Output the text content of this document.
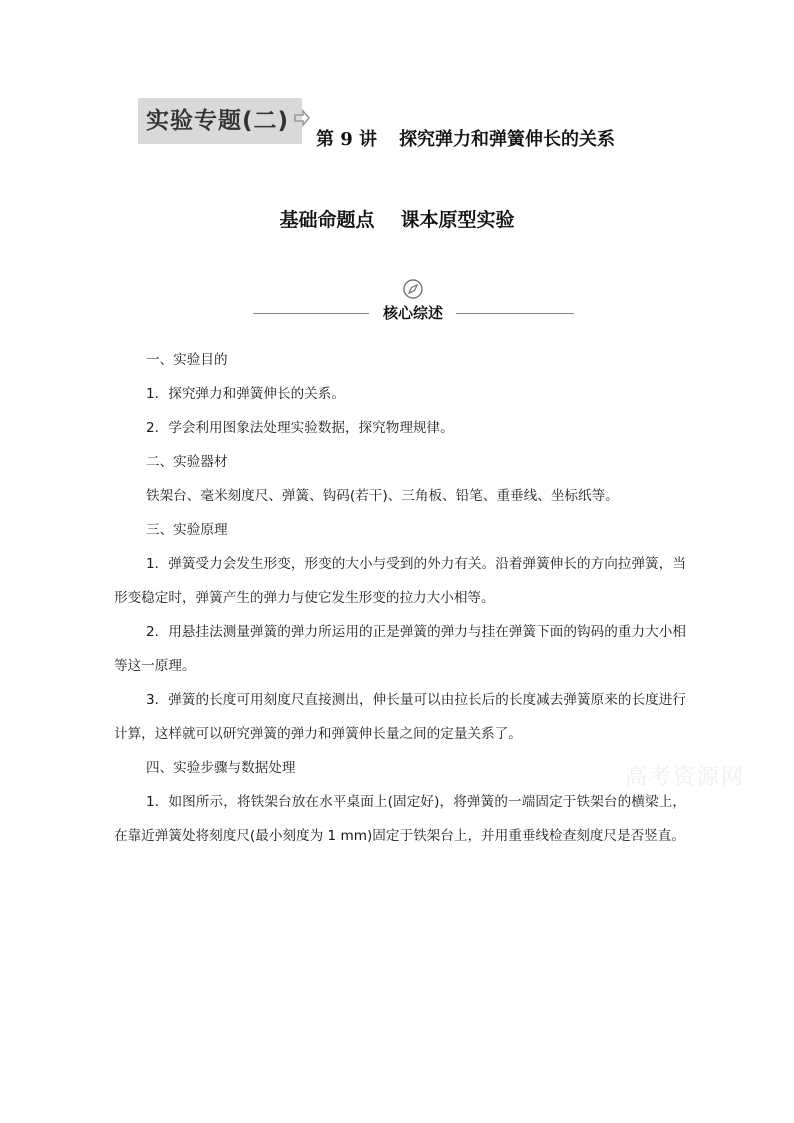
实验专题(二)
第 9 讲 探究弹力和弹簧伸长的关系
基础命题点 课本原型实验
核心综述

一、实验目的

1．探究弹力和弹簧伸长的关系。

2．学会利用图象法处理实验数据，探究物理规律。

二、实验器材

铁架台、毫米刻度尺、弹簧、钩码(若干)、三角板、铅笔、重垂线、坐标纸等。

三、实验原理

1．弹簧受力会发生形变，形变的大小与受到的外力有关。沿着弹簧伸长的方向拉弹簧，当形变稳定时，弹簧产生的弹力与使它发生形变的拉力大小相等。

2．用悬挂法测量弹簧的弹力所运用的正是弹簧的弹力与挂在弹簧下面的钩码的重力大小相等这一原理。

3．弹簧的长度可用刻度尺直接测出，伸长量可以由拉长后的长度减去弹簧原来的长度进行计算，这样就可以研究弹簧的弹力和弹簧伸长量之间的定量关系了。

四、实验步骤与数据处理

1．如图所示，将铁架台放在水平桌面上(固定好)，将弹簧的一端固定于铁架台的横梁上，在靠近弹簧处将刻度尺(最小刻度为 1 mm)固定于铁架台上，并用重垂线检查刻度尺是否竖直。

高考资源网
